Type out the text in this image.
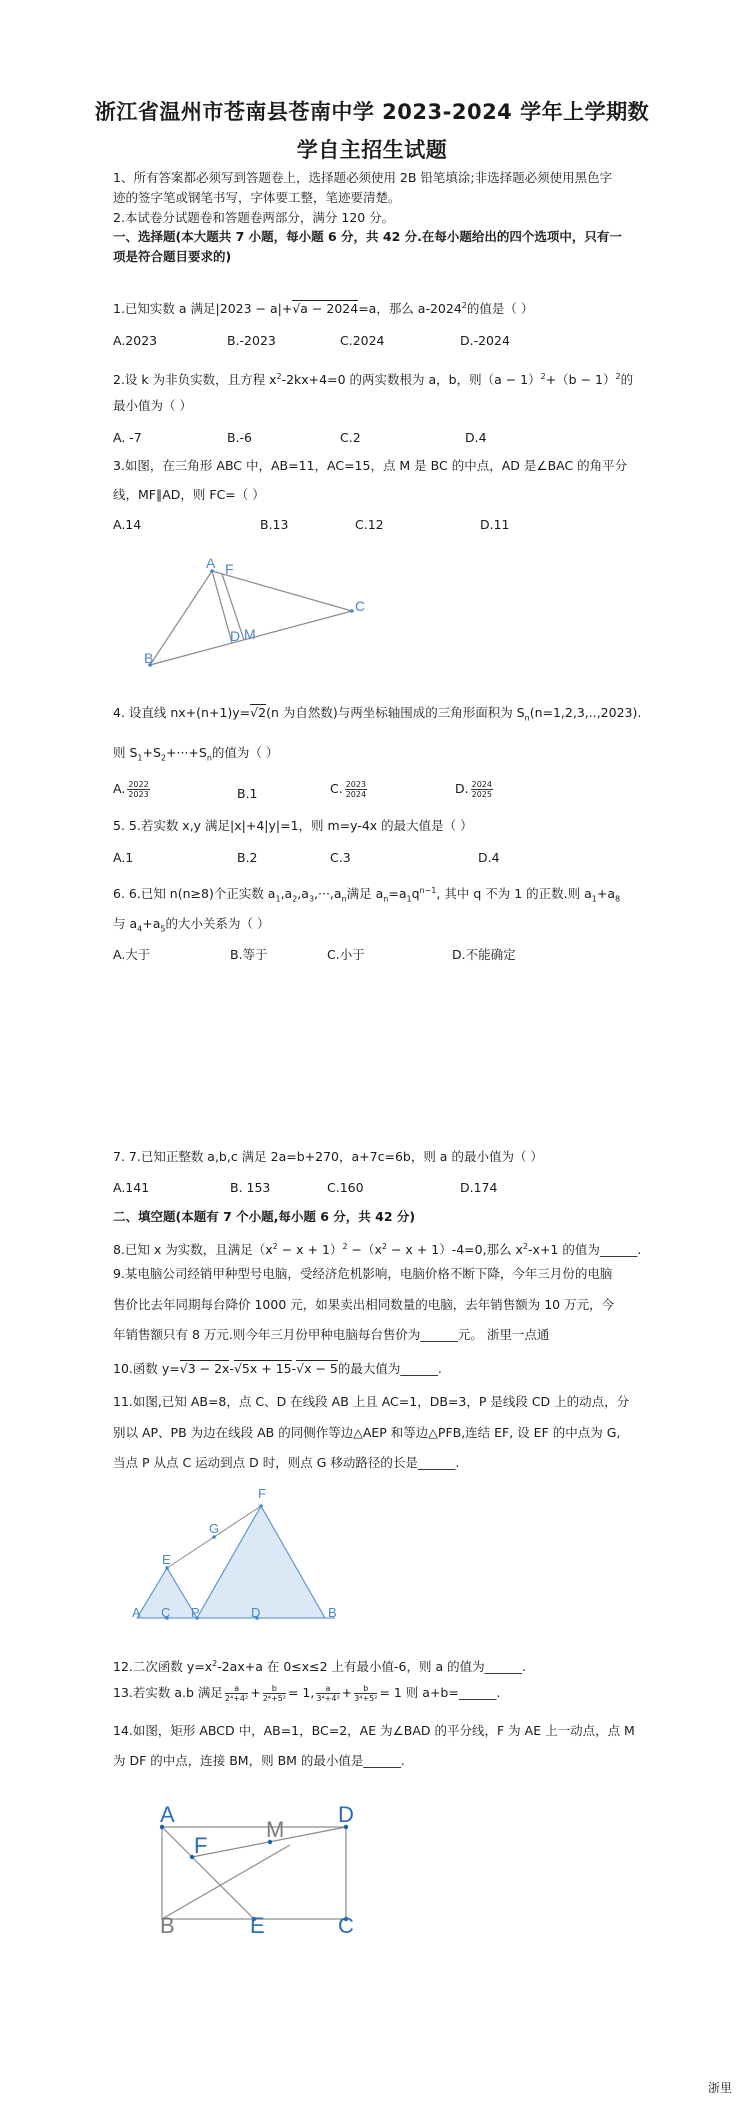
浙江省温州市苍南县苍南中学 2023-2024 学年上学期数
学自主招生试题
1、所有答案都必须写到答题卷上，选择题必须使用 2B 铅笔填涂;非选择题必须使用黑色字
迹的签字笔或钢笔书写，字体要工整，笔迹要清楚。
2.本试卷分试题卷和答题卷两部分，满分 120 分。
一、选择题(本大题共 7 小题，每小题 6 分，共 42 分.在每小题给出的四个选项中，只有一
项是符合题目要求的)
1.已知实数 a 满足|2023 − a|+√a − 2024=a，那么 a-2024$^2$的值是（ ）
A.2023	B.-2023	C.2024	D.-2024
2.设 k 为非负实数，且方程 $x^2-2kx+4=0$ 的两实数根为 a，b，则$(a - 1)^2+(b - 1)^2$的
最小值为（ ）
A. -7	B.-6	C.2	D.4
3.如图，在三角形 ABC 中，AB=11，AC=15，点 M 是 BC 的中点，AD 是∠BAC 的角平分
线，MF∥AD，则 FC=（ ）
A.14	B.13	C.12	D.11
A F
C
D M
B
4. 设直线 nx+(n+1)y=√2(n 为自然数)与两坐标轴围成的三角形面积为 $S_n(n=1,2,3,..,2023)$.
则 $S_1+S_2+\cdot\cdot\cdot+S_n$的值为（ ）
A. $\frac{2022}{2023}$	B.1	C. $\frac{2023}{2024}$	D. $\frac{2024}{2025}$
5. 5.若实数 x,y 满足|x|+4|y|=1，则 m=y-4x 的最大值是（ ）
A.1	B.2	C.3	D.4
6. 6.已知 n(n≥8)个正实数 $a_1,a_2,a_3,\cdot\cdot\cdot,a_n$满足 $a_n=a_1q^{n-1}$, 其中 q 不为 1 的正数.则 $a_1+a_8$
与 $a_4+a_5$的大小关系为（ ）
A.大于	B.等于	C.小于	D.不能确定
7. 7.已知正整数 a,b,c 满足 2a=b+270，a+7c=6b，则 a 的最小值为（ ）
A.141	B. 153	C.160	D.174
二、填空题(本题有 7 个小题,每小题 6 分，共 42 分)
8.已知 x 为实数，且满足$(x^2 - x + 1)^2 -(x^2 - x + 1)-4=0$,那么 $x^2-x+1$ 的值为______.
9.某电脑公司经销甲种型号电脑，受经济危机影响，电脑价格不断下降，今年三月份的电脑
售价比去年同期每台降价 1000 元，如果卖出相同数量的电脑，去年销售额为 10 万元，今
年销售额只有 8 万元.则今年三月份甲种电脑每台售价为______元。 浙里一点通
10.函数 y=√3 − 2x-√5x + 15-√x − 5的最大值为______.
11.如图,已知 AB=8，点 C、D 在线段 AB 上且 AC=1，DB=3，P 是线段 CD 上的动点，分
别以 AP、PB 为边在线段 AB 的同侧作等边△AEP 和等边△PFB,连结 EF, 设 EF 的中点为 G,
当点 P 从点 C 运动到点 D 时，则点 G 移动路径的长是______.
F
G
E
A C P	D	B
12.二次函数 $y=x^2-2ax+a$ 在 0≤x≤2 上有最小值-6，则 a 的值为______.
13.若实数 a.b 满足 $\frac{a}{\text{2⁴+4²}} + \frac{b}{\text{2⁴+5²}} = 1$, $\frac{a}{\text{3⁴+4²}} + \frac{b}{\text{3⁴+5²}} = 1$ 则 a+b=______.
14.如图，矩形 ABCD 中，AB=1，BC=2，AE 为∠BAD 的平分线，F 为 AE 上一动点，点 M
为 DF 的中点，连接 BM，则 BM 的最小值是______.
A	D
F
M
B	E	C
浙里
